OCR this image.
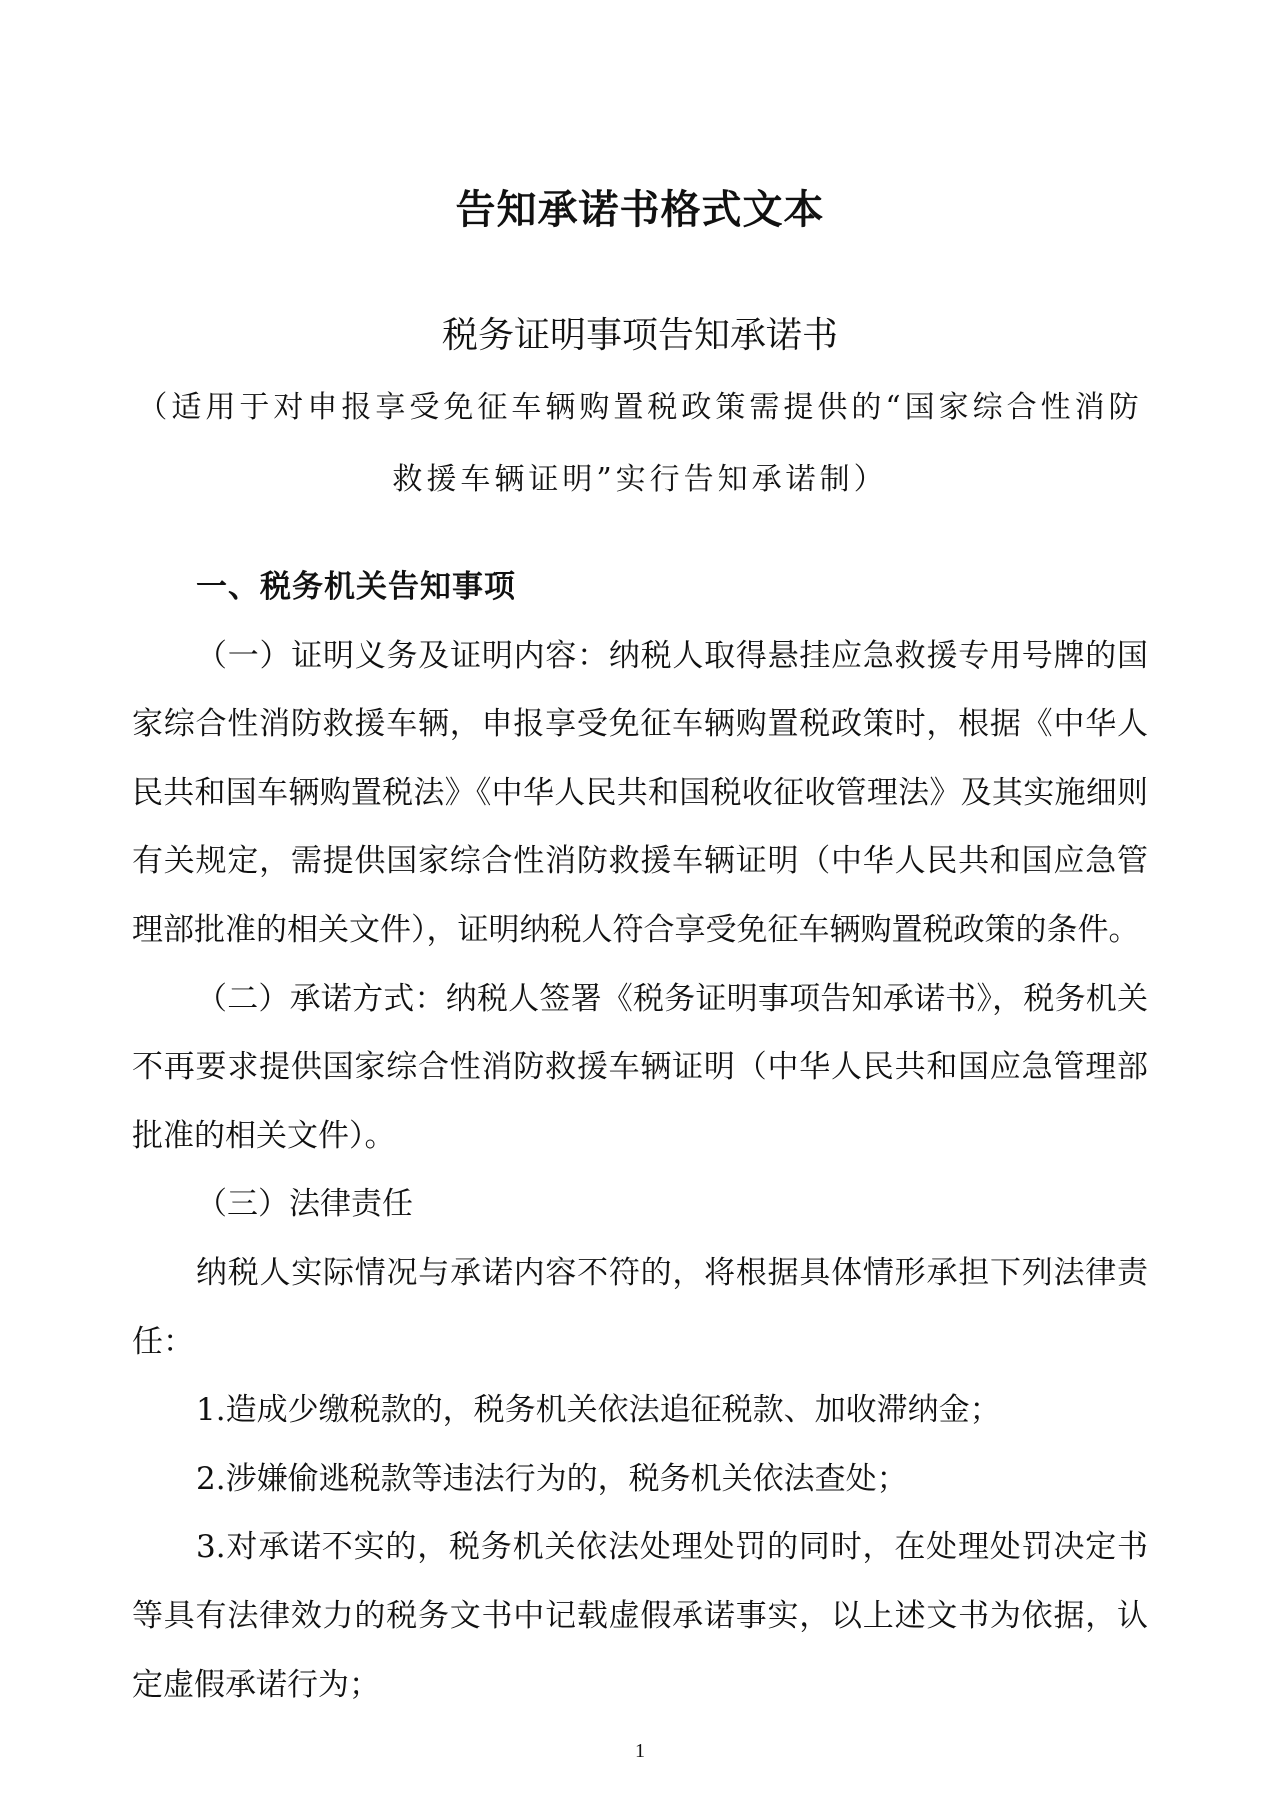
告知承诺书格式文本
税务证明事项告知承诺书
（适用于对申报享受免征车辆购置税政策需提供的“国家综合性消防救援车辆证明”实行告知承诺制）

一、税务机关告知事项

（一）证明义务及证明内容：纳税人取得悬挂应急救援专用号牌的国家综合性消防救援车辆，申报享受免征车辆购置税政策时，根据《中华人民共和国车辆购置税法》《中华人民共和国税收征收管理法》及其实施细则有关规定，需提供国家综合性消防救援车辆证明（中华人民共和国应急管理部批准的相关文件），证明纳税人符合享受免征车辆购置税政策的条件。

（二）承诺方式：纳税人签署《税务证明事项告知承诺书》，税务机关不再要求提供国家综合性消防救援车辆证明（中华人民共和国应急管理部批准的相关文件）。

（三）法律责任

纳税人实际情况与承诺内容不符的，将根据具体情形承担下列法律责任：

1.造成少缴税款的，税务机关依法追征税款、加收滞纳金；

2.涉嫌偷逃税款等违法行为的，税务机关依法查处；

3.对承诺不实的，税务机关依法处理处罚的同时，在处理处罚决定书等具有法律效力的税务文书中记载虚假承诺事实，以上述文书为依据，认定虚假承诺行为；

1
